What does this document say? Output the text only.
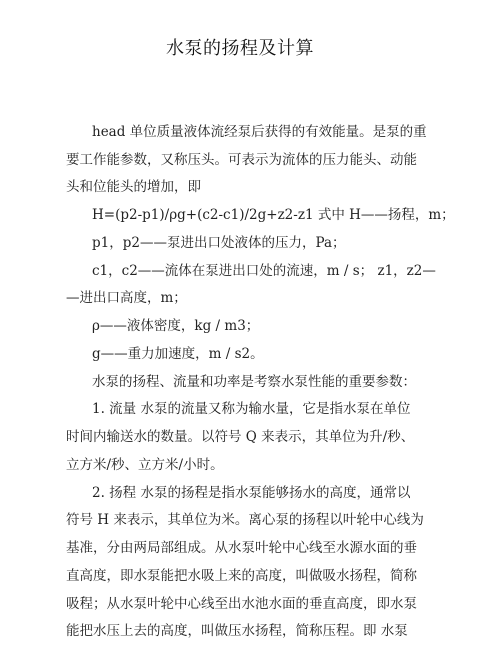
水泵的扬程及计算
head 单位质量液体流经泵后获得的有效能量。是泵的重
要工作能参数，又称压头。可表示为流体的压力能头、动能
头和位能头的增加，即
H=(p2-p1)/ρg+(c2-c1)/2g+z2-z1 式中 H——扬程，m；
p1，p2——泵进出口处液体的压力，Pa；
c1，c2——流体在泵进出口处的流速，m / s； z1，z2—
—进出口高度，m；
ρ——液体密度，kg / m3；
g——重力加速度，m / s2。
水泵的扬程、流量和功率是考察水泵性能的重要参数：
1. 流量 水泵的流量又称为输水量，它是指水泵在单位
时间内输送水的数量。以符号 Q 来表示，其单位为升/秒、
立方米/秒、立方米/小时。
2. 扬程 水泵的扬程是指水泵能够扬水的高度，通常以
符号 H 来表示，其单位为米。离心泵的扬程以叶轮中心线为
基准，分由两局部组成。从水泵叶轮中心线至水源水面的垂
直高度，即水泵能把水吸上来的高度，叫做吸水扬程，简称
吸程；从水泵叶轮中心线至出水池水面的垂直高度，即水泵
能把水压上去的高度，叫做压水扬程，简称压程。即 水泵
